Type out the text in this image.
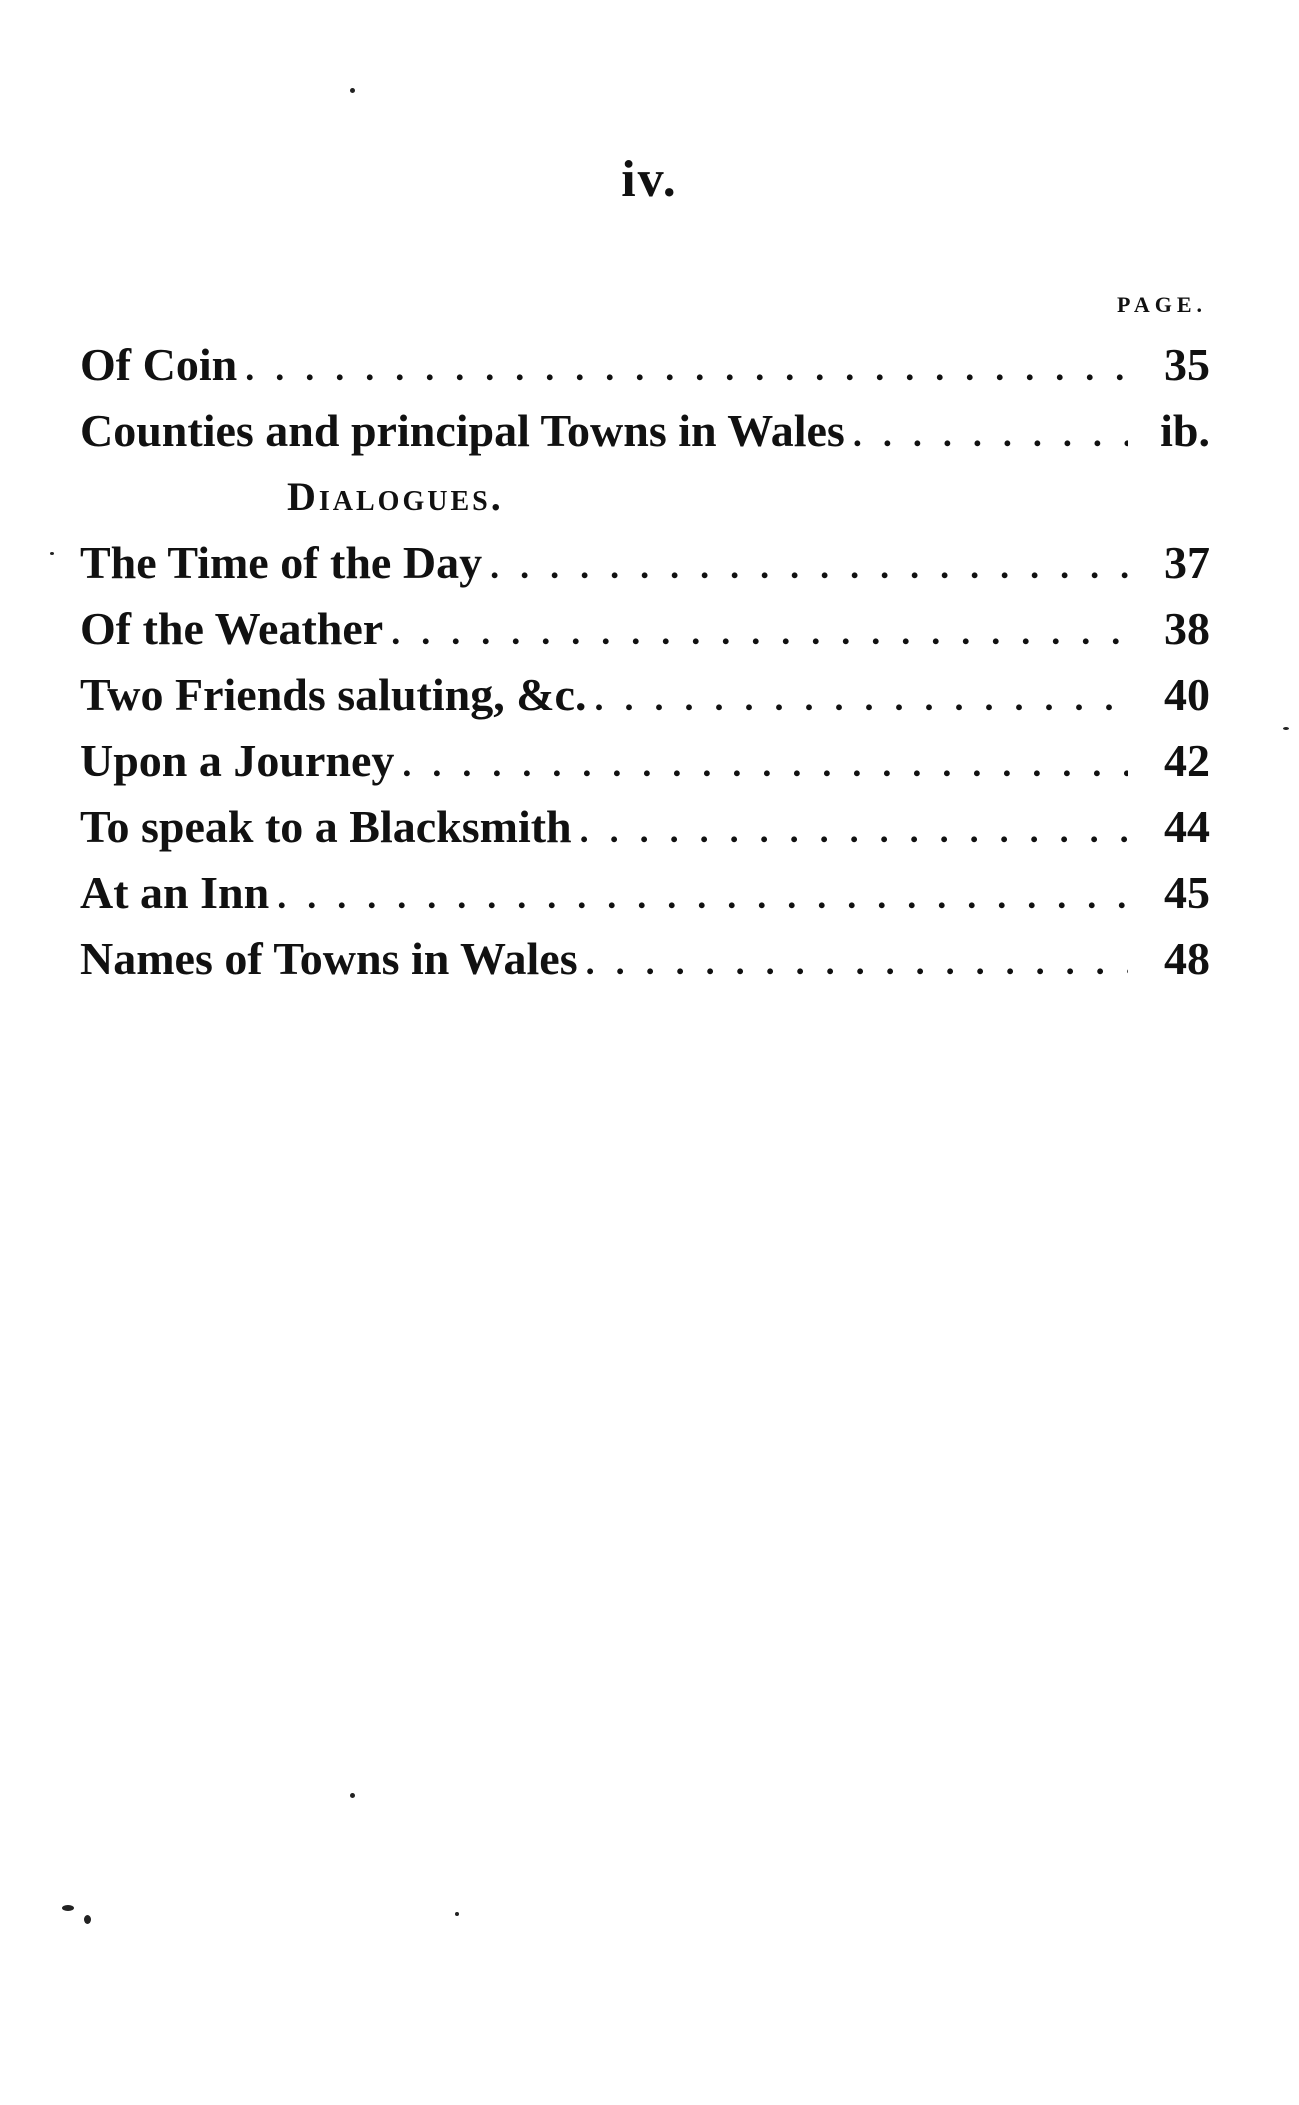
iv.
PAGE.
Of Coin . . .	35
Counties and principal Towns in Wales . . .	ib.
Dialogues.
The Time of the Day . . .	37
Of the Weather . . .	38
Two Friends saluting, &c. . . .	40
Upon a Journey . . .	42
To speak to a Blacksmith . . .	44
At an Inn . . .	45
Names of Towns in Wales . . .	48
